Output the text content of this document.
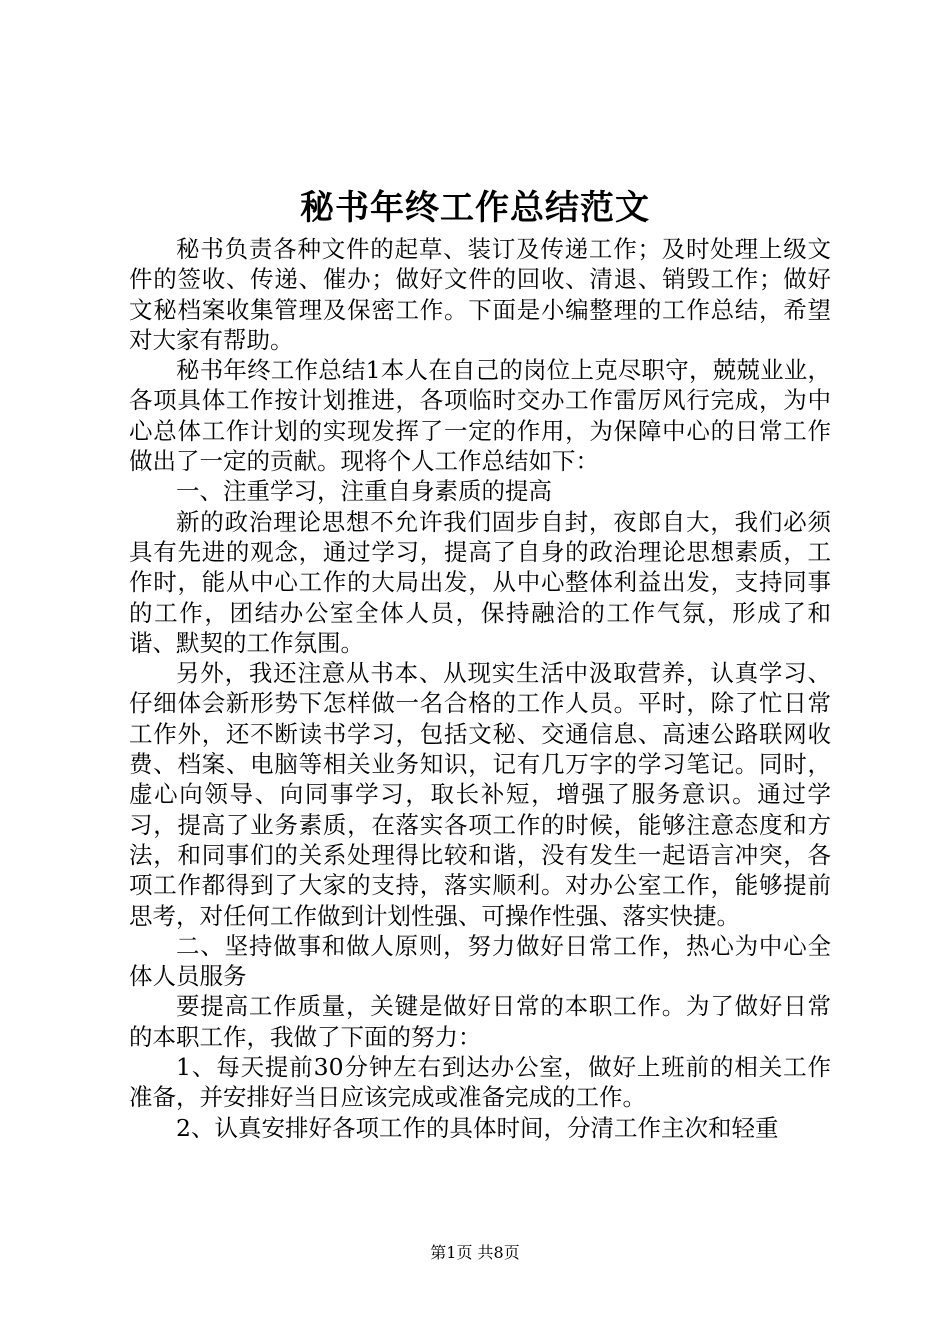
秘书年终工作总结范文

秘书负责各种文件的起草、装订及传递工作；及时处理上级文件的签收、传递、催办；做好文件的回收、清退、销毁工作；做好文秘档案收集管理及保密工作。下面是小编整理的工作总结，希望对大家有帮助。

秘书年终工作总结1本人在自己的岗位上克尽职守，兢兢业业，各项具体工作按计划推进，各项临时交办工作雷厉风行完成，为中心总体工作计划的实现发挥了一定的作用，为保障中心的日常工作做出了一定的贡献。现将个人工作总结如下：

一、注重学习，注重自身素质的提高

新的政治理论思想不允许我们固步自封，夜郎自大，我们必须具有先进的观念，通过学习，提高了自身的政治理论思想素质，工作时，能从中心工作的大局出发，从中心整体利益出发，支持同事的工作，团结办公室全体人员，保持融洽的工作气氛，形成了和谐、默契的工作氛围。

另外，我还注意从书本、从现实生活中汲取营养，认真学习、仔细体会新形势下怎样做一名合格的工作人员。平时，除了忙日常工作外，还不断读书学习，包括文秘、交通信息、高速公路联网收费、档案、电脑等相关业务知识，记有几万字的学习笔记。同时，虚心向领导、向同事学习，取长补短，增强了服务意识。通过学习，提高了业务素质，在落实各项工作的时候，能够注意态度和方法，和同事们的关系处理得比较和谐，没有发生一起语言冲突，各项工作都得到了大家的支持，落实顺利。对办公室工作，能够提前思考，对任何工作做到计划性强、可操作性强、落实快捷。

二、坚持做事和做人原则，努力做好日常工作，热心为中心全体人员服务

要提高工作质量，关键是做好日常的本职工作。为了做好日常的本职工作，我做了下面的努力：

1、每天提前30分钟左右到达办公室，做好上班前的相关工作准备，并安排好当日应该完成或准备完成的工作。

2、认真安排好各项工作的具体时间，分清工作主次和轻重

第1页 共8页
